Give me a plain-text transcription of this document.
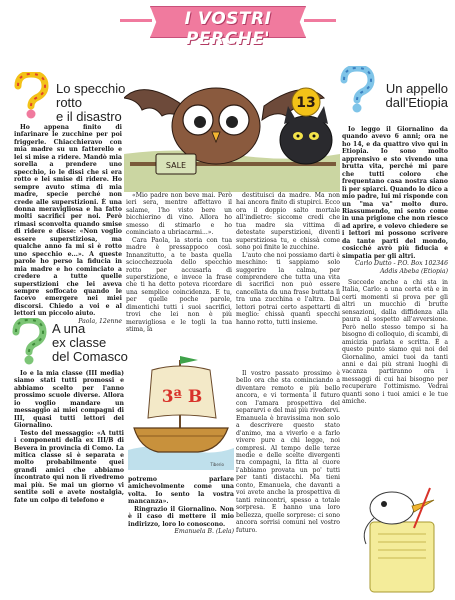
I VOSTRI PERCHE'
Lo specchio
rotto
e il disastro
Un appello
dall'Etiopia
A una
ex classe
del Comasco
SALE
13

Ho appena finito di infarinare le zucchine per poi friggerle. Chiacchieravo con mia madre su un fatterello e lei si mise a ridere. Mandò mia sorella a prendere uno specchio, io le dissi che si era rotto e lei smise di ridere. Ho sempre avuto stima di mia madre, specie perché non crede alle superstizioni. È una donna meravigliosa e ha fatto molti sacrifici per noi. Però rimasi sconvolta quando smise di ridere e disse: «Non voglio essere superstiziosa, ma qualche anno fa mi si è rotto uno specchio e...». A queste parole ho perso la fiducia in mia madre e ho cominciato a credere a tutte quelle superstizioni che lei aveva sempre soffocato quando le facevo emergere nei miei discorsi. Chiedo a voi e al lettori un piccolo aiuto.

Paola, 12enne

«Mio padre non beve mai. Però ieri sera, mentre affettavo il salame, l'ho visto bere un bicchierino di vino. Allora ho smesso di stimarlo e ho cominciato a ubriacarmi...».

Cara Paola, la storia con tua madre è pressappoco così. Innanzitutto, a te basta quella sciocchezzuola dello specchio rotto per accusarla di superstizione, e invece la frase che ti ha detto poteva ricordare una semplice coincidenza. E tu, per quelle poche parole, dimentichi tutti i suoi sacrifici, trovi che lei non è più meravigliosa e le togli la tua stima, la

destituisci da madre. Ma non hai ancora finito di stupirci. Ecco ora il doppio salto mortale all'indietro: siccome credi che tua madre sia vittima di detestate superstizioni, diventi superstiziosa tu, e chissà come sono poi finite le zucchine.

L'auto che noi possiamo darti è meschino: ti sappiamo solo suggerire la calma, per comprendere che tutta una vita di sacrifici non può essere cancellata da una frase buttata lì tra una zucchina e l'altra. Dai lettori potrai certo aspettarti di meglio: chissà quanti specchi hanno rotto, tutti insieme.

Io leggo il Giornalino da quando avevo 6 anni; ora ne ho 14, e da quattro vivo qui in Etiopia. Io sono molto apprensivo e sto vivendo una brutta vita, perché mi pare che tutti coloro che frequentano casa nostra siano lì per spiarci. Quando lo dico a mio padre, lui mi risponde con un "ma va" molto duro. Riassumendo, mi sento come in una prigione che non riesco ad aprire, e volevo chiedere se i lettori mi possono scrivere da tante parti del mondo, cosicché avrò più fiducia e simpatia per gli altri.

Carlo Dutto - P.O. Box 102346
Addis Abeba (Etiopia)

Succede anche a chi sta in Italia, Carlo: a una certa età e in certi momenti si prova per gli altri un mucchio di brutte sensazioni, dalla diffidenza alla paura al sospetto all'avversione. Però nello stesso tempo si ha bisogno di colloquio, di scambi, di amicizia parlata e scritta. È a questo punto siamo qui noi del Giornalino, amici tuoi da tanti anni e dai più strani luoghi di vacanza partiranno ora i messaggi di cui hai bisogno per recuperare l'ottimismo. Vedrai quanti sono i tuoi amici e le tue amiche.

3ª B
Tiberio

Io e la mia classe (III media) siamo stati tutti promossi e abbiamo scelto per l'anno prossimo scuole diverse. Allora io voglio mandare un messaggio ai miei compagni di III, quasi tutti lettori del Giornalino.

Testo del messaggio: «A tutti i componenti della ex III/B di Bevera in provincia di Como. La mitica classe si è separata e molto probabilmente quei grandi amici che abbiamo incontrato qui non li rivedremo mai più. Se mai un giorno vi sentite soli e avete nostalgia, fate un colpo di telefono e

potremo parlare amichevolmente come una volta. Io sento la vostra mancanza».

Ringrazio il Giornalino. Non è il caso di mettere il mio indirizzo, loro lo conoscono.

Emanuela B. (Lela)

Il vostro passato prossimo è bello ora che sta cominciando a diventare remoto e più bello ancora, e vi tormenta il futuro con l'amara prospettiva del separarvi e del mai più rivedervi. Emanuela è bravissima non solo a descrivere questo stato d'animo, ma a viverlo e a farlo vivere pure a chi legge, noi compresi. Al tempo delle terze medie e delle scelte divergenti tra compagni, la fitta al cuore l'abbiamo provata un po' tutti per tanti distacchi. Ma tieni conto, Emanuela, che davanti a voi avete anche la prospettiva di tanti reincontri, spesso a totale sorpresa. E hanno una loro bellezza, quelle sorprese: ci sono ancora sorrisi comuni nel vostro futuro.
